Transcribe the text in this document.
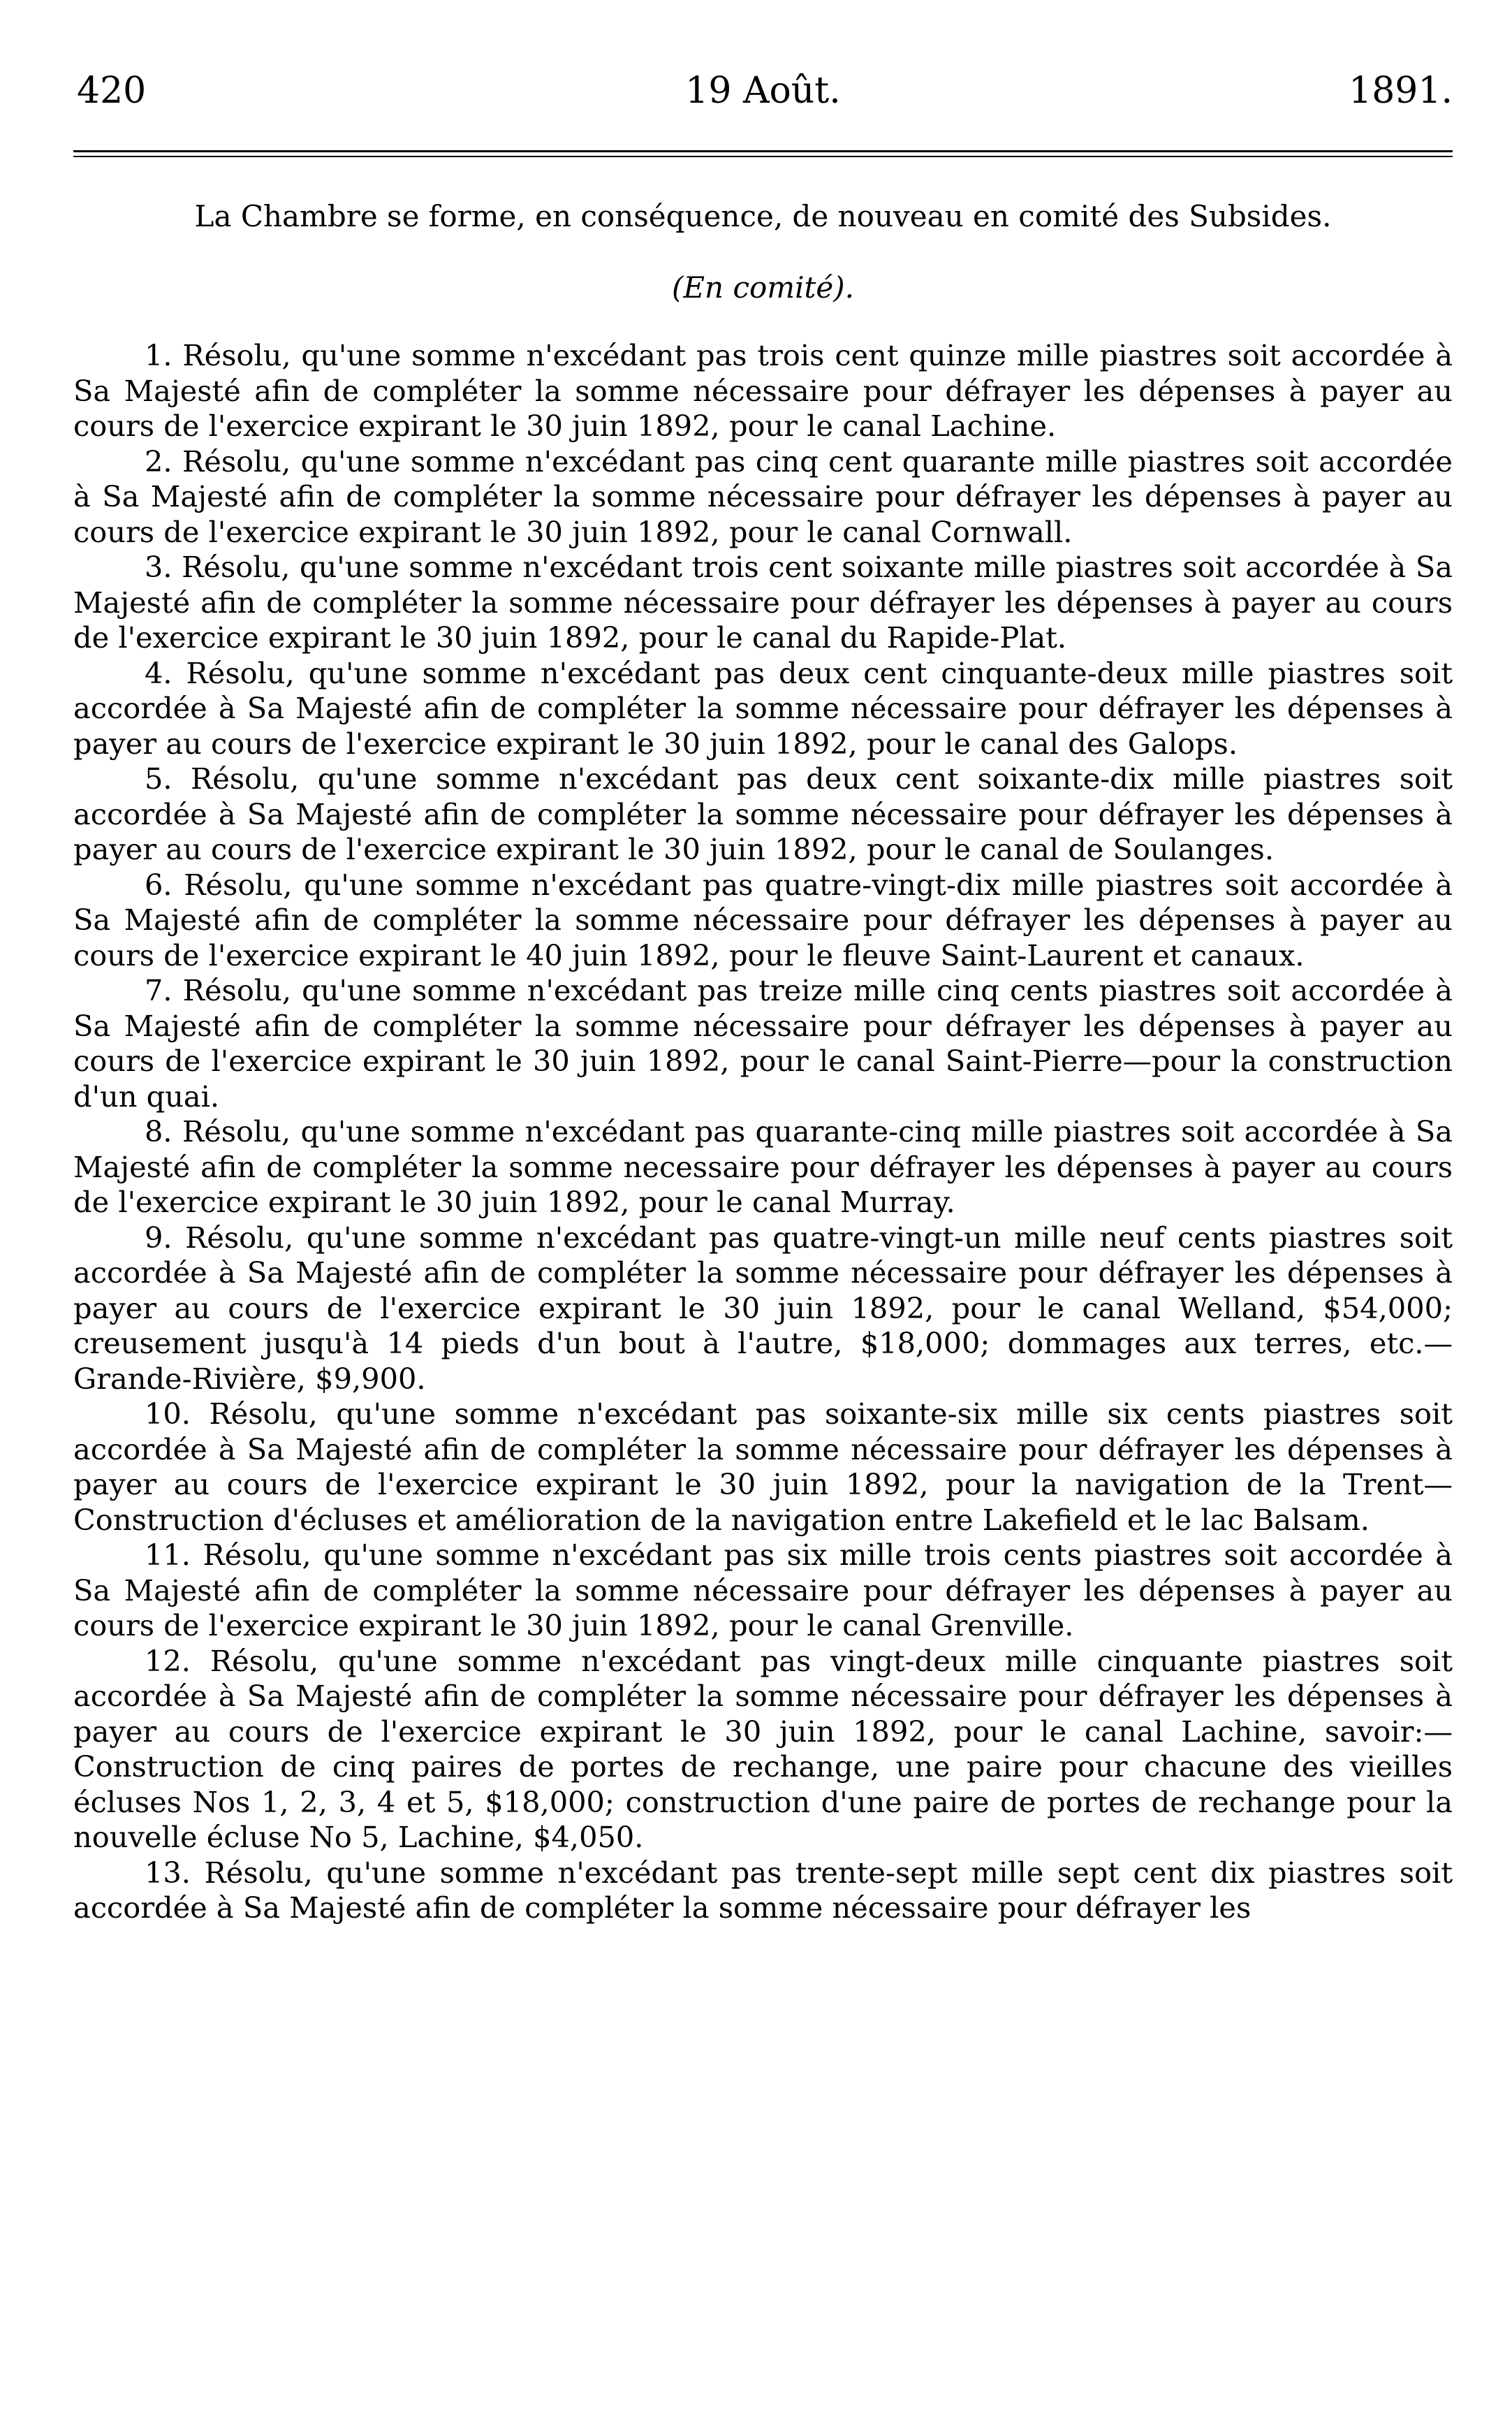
420	19 Août.	1891.

La Chambre se forme, en conséquence, de nouveau en comité des Subsides.

(En comité).

1. Résolu, qu'une somme n'excédant pas trois cent quinze mille piastres soit accordée à Sa Majesté afin de compléter la somme nécessaire pour défrayer les dépenses à payer au cours de l'exercice expirant le 30 juin 1892, pour le canal Lachine.

2. Résolu, qu'une somme n'excédant pas cinq cent quarante mille piastres soit accordée à Sa Majesté afin de compléter la somme nécessaire pour défrayer les dépenses à payer au cours de l'exercice expirant le 30 juin 1892, pour le canal Cornwall.

3. Résolu, qu'une somme n'excédant trois cent soixante mille piastres soit accordée à Sa Majesté afin de compléter la somme nécessaire pour défrayer les dépenses à payer au cours de l'exercice expirant le 30 juin 1892, pour le canal du Rapide-Plat.

4. Résolu, qu'une somme n'excédant pas deux cent cinquante-deux mille piastres soit accordée à Sa Majesté afin de compléter la somme nécessaire pour défrayer les dépenses à payer au cours de l'exercice expirant le 30 juin 1892, pour le canal des Galops.

5. Résolu, qu'une somme n'excédant pas deux cent soixante-dix mille piastres soit accordée à Sa Majesté afin de compléter la somme nécessaire pour défrayer les dépenses à payer au cours de l'exercice expirant le 30 juin 1892, pour le canal de Soulanges.

6. Résolu, qu'une somme n'excédant pas quatre-vingt-dix mille piastres soit accordée à Sa Majesté afin de compléter la somme nécessaire pour défrayer les dépenses à payer au cours de l'exercice expirant le 40 juin 1892, pour le fleuve Saint-Laurent et canaux.

7. Résolu, qu'une somme n'excédant pas treize mille cinq cents piastres soit accordée à Sa Majesté afin de compléter la somme nécessaire pour défrayer les dépenses à payer au cours de l'exercice expirant le 30 juin 1892, pour le canal Saint-Pierre—pour la construction d'un quai.

8. Résolu, qu'une somme n'excédant pas quarante-cinq mille piastres soit accordée à Sa Majesté afin de compléter la somme necessaire pour défrayer les dépenses à payer au cours de l'exercice expirant le 30 juin 1892, pour le canal Murray.

9. Résolu, qu'une somme n'excédant pas quatre-vingt-un mille neuf cents piastres soit accordée à Sa Majesté afin de compléter la somme nécessaire pour défrayer les dépenses à payer au cours de l'exercice expirant le 30 juin 1892, pour le canal Welland, $54,000; creusement jusqu'à 14 pieds d'un bout à l'autre, $18,000; dommages aux terres, etc.—Grande-Rivière, $9,900.

10. Résolu, qu'une somme n'excédant pas soixante-six mille six cents piastres soit accordée à Sa Majesté afin de compléter la somme nécessaire pour défrayer les dépenses à payer au cours de l'exercice expirant le 30 juin 1892, pour la navigation de la Trent—Construction d'écluses et amélioration de la navigation entre Lakefield et le lac Balsam.

11. Résolu, qu'une somme n'excédant pas six mille trois cents piastres soit accordée à Sa Majesté afin de compléter la somme nécessaire pour défrayer les dépenses à payer au cours de l'exercice expirant le 30 juin 1892, pour le canal Grenville.

12. Résolu, qu'une somme n'excédant pas vingt-deux mille cinquante piastres soit accordée à Sa Majesté afin de compléter la somme nécessaire pour défrayer les dépenses à payer au cours de l'exercice expirant le 30 juin 1892, pour le canal Lachine, savoir:—Construction de cinq paires de portes de rechange, une paire pour chacune des vieilles écluses Nos 1, 2, 3, 4 et 5, $18,000; construction d'une paire de portes de rechange pour la nouvelle écluse No 5, Lachine, $4,050.

13. Résolu, qu'une somme n'excédant pas trente-sept mille sept cent dix piastres soit accordée à Sa Majesté afin de compléter la somme nécessaire pour défrayer les
